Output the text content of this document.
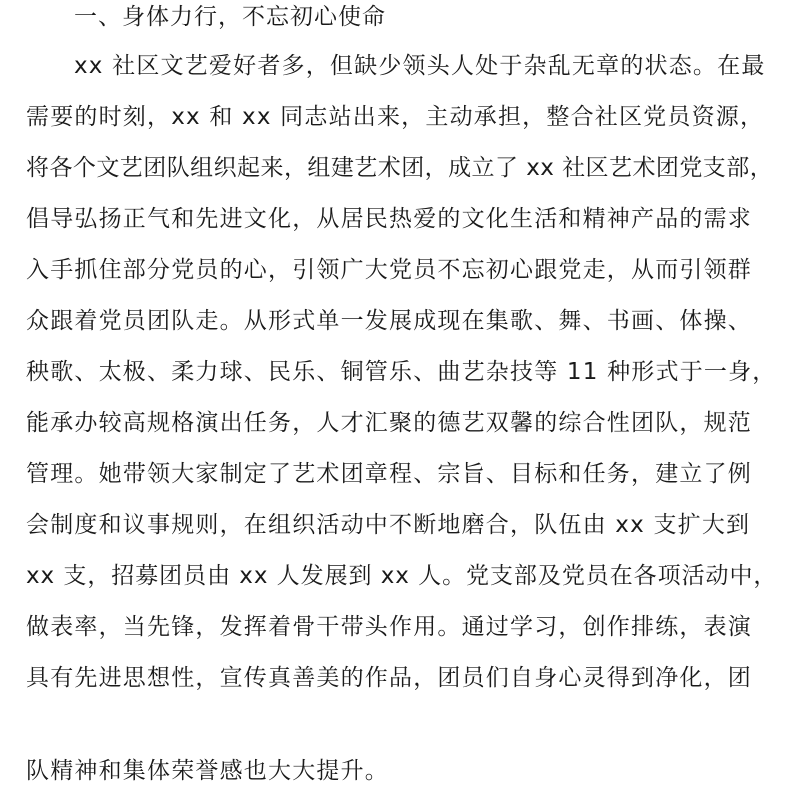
一、身体力行，不忘初心使命
xx 社区文艺爱好者多，但缺少领头人处于杂乱无章的状态。在最
需要的时刻，xx 和 xx 同志站出来，主动承担，整合社区党员资源，
将各个文艺团队组织起来，组建艺术团，成立了 xx 社区艺术团党支部，
倡导弘扬正气和先进文化，从居民热爱的文化生活和精神产品的需求
入手抓住部分党员的心，引领广大党员不忘初心跟党走，从而引领群
众跟着党员团队走。从形式单一发展成现在集歌、舞、书画、体操、
秧歌、太极、柔力球、民乐、铜管乐、曲艺杂技等 11 种形式于一身，
能承办较高规格演出任务，人才汇聚的德艺双馨的综合性团队，规范
管理。她带领大家制定了艺术团章程、宗旨、目标和任务，建立了例
会制度和议事规则，在组织活动中不断地磨合，队伍由 xx 支扩大到
xx 支，招募团员由 xx 人发展到 xx 人。党支部及党员在各项活动中，
做表率，当先锋，发挥着骨干带头作用。通过学习，创作排练，表演
具有先进思想性，宣传真善美的作品，团员们自身心灵得到净化，团
队精神和集体荣誉感也大大提升。
